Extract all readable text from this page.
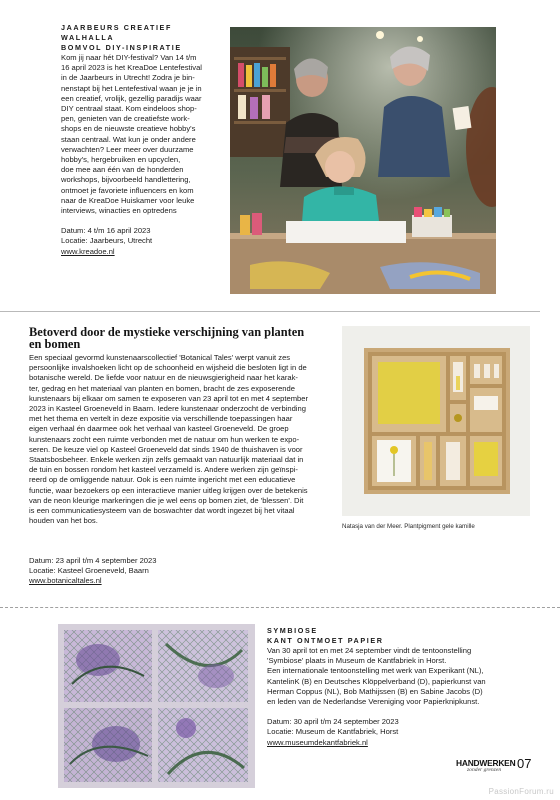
JAARBEURS CREATIEF WALHALLA
BOMVOL DIY-INSPIRATIE
Kom jij naar hét DIY-festival? Van 14 t/m
16 april 2023 is het KreaDoe Lentefestival
in de Jaarbeurs in Utrecht! Zodra je bin-
nenstapt bij het Lentefestival waan je je in
een creatief, vrolijk, gezellig paradijs waar
DIY centraal staat. Kom eindeloos shop-
pen, genieten van de creatiefste work-
shops en de nieuwste creatieve hobby's
staan centraal. Wat kun je onder andere
verwachten? Leer meer over duurzame
hobby's, hergebruiken en upcyclen,
doe mee aan één van de honderden
workshops, bijvoorbeeld handlettering,
ontmoet je favoriete influencers en kom
naar de KreaDoe Huiskamer voor leuke
interviews, winacties en optredens
Datum: 4 t/m 16 april 2023
Locatie: Jaarbeurs, Utrecht
www.kreadoe.nl
Betoverd door de mystieke verschijning van planten
en bomen
Een speciaal gevormd kunstenaarscollectief 'Botanical Tales' werpt vanuit zes
persoonlijke invalshoeken licht op de schoonheid en wijsheid die besloten ligt in de
botanische wereld. De liefde voor natuur en de nieuwsgierigheid naar het karak-
ter, gedrag en het materiaal van planten en bomen, bracht de zes exposerende
kunstenaars bij elkaar om samen te exposeren van 23 april tot en met 4 september
2023 in Kasteel Groeneveld in Baarn. Iedere kunstenaar onderzocht de verbinding
met het thema en vertelt in deze expositie via verschillende toepassingen haar
eigen verhaal én daarmee ook het verhaal van kasteel Groeneveld. De groep
kunstenaars zocht een ruimte verbonden met de natuur om hun werken te expo-
seren. De keuze viel op Kasteel Groeneveld dat sinds 1940 de thuishaven is voor
Staatsbosbeheer. Enkele werken zijn zelfs gemaakt van natuurlijk materiaal dat in
de tuin en bossen rondom het kasteel verzameld is. Andere werken zijn geïnspi-
reerd op de omliggende natuur. Ook is een ruimte ingericht met een educatieve
functie, waar bezoekers op een interactieve manier uitleg krijgen over de betekenis
van de neon kleurige markeringen die je wel eens op bomen ziet, de 'blessen'. Dit
is een communicatiesysteem van de boswachter dat wordt ingezet bij het vitaal
houden van het bos.
Datum: 23 april t/m 4 september 2023
Locatie: Kasteel Groeneveld, Baarn
www.botanicaltales.nl
Natasja van der Meer. Plantpigment gele kamille
SYMBIOSE
KANT ONTMOET PAPIER
Van 30 april tot en met 24 september vindt de tentoonstelling
'Symbiose' plaats in Museum de Kantfabriek in Horst.
Een internationale tentoonstelling met werk van Experikant (NL),
KantelinK (B) en Deutsches Klöppelverband (D), papierkunst van
Herman Coppus (NL), Bob Mathijssen (B) en Sabine Jacobs (D)
en leden van de Nederlandse Vereniging voor Papierknipkunst.
Datum: 30 april t/m 24 september 2023
Locatie: Museum de Kantfabriek, Horst
www.museumdekantfabriek.nl
HANDWERKEN
zonder grenzen 07
PassionForum.ru
